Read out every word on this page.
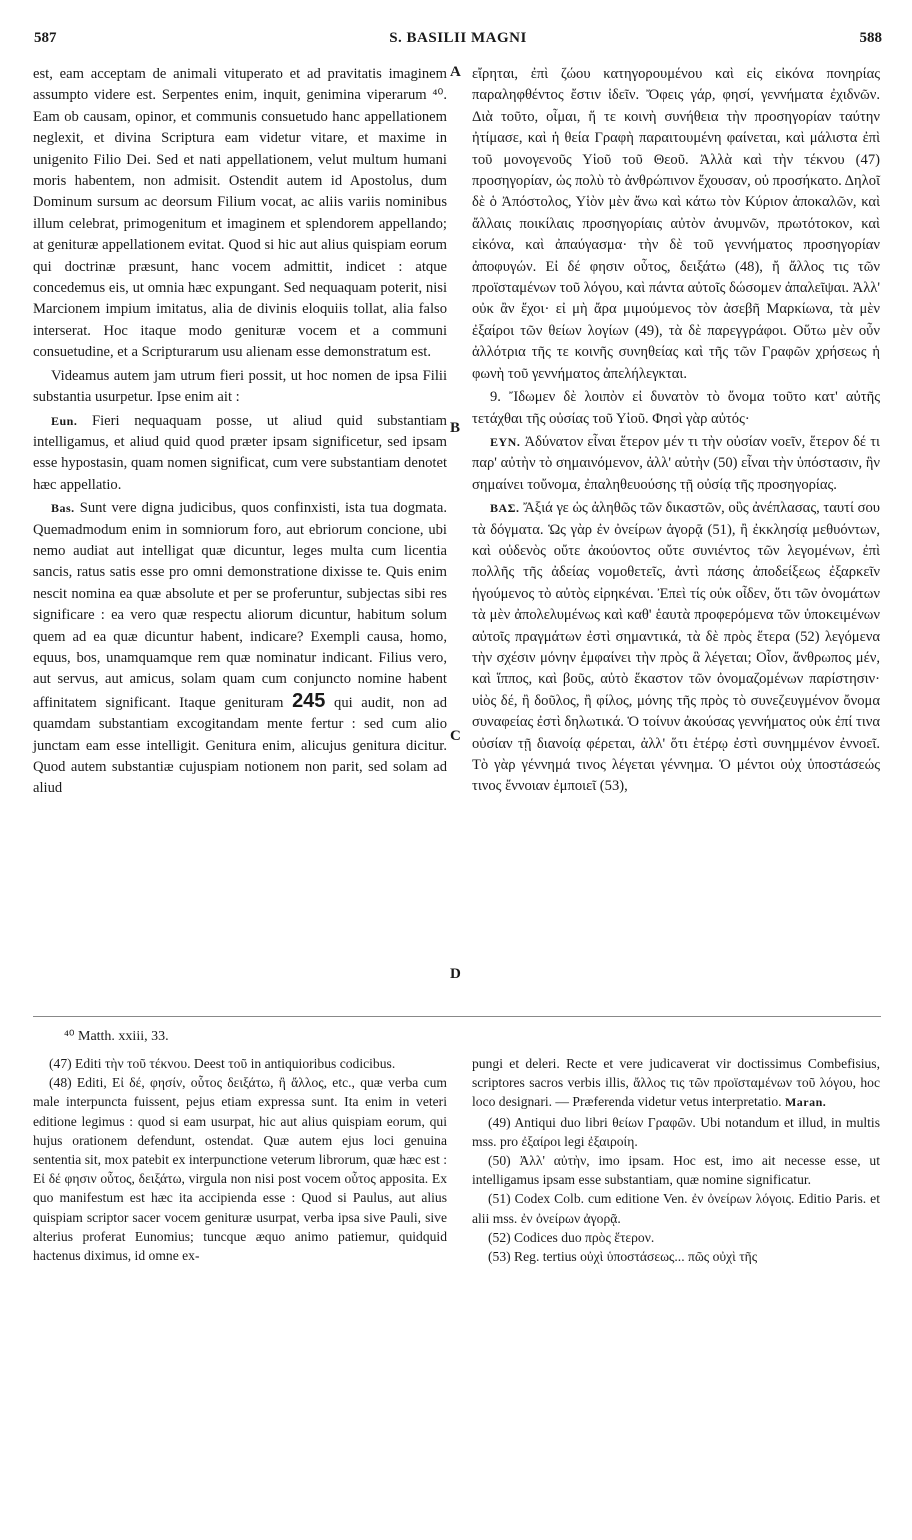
587	S. BASILII MAGNI	588

est, eam acceptam de animali vituperato et ad pravitatis imaginem assumpto videre est. Serpentes enim, inquit, genimina viperarum ⁴⁰. Eam ob causam, opinor, et communis consuetudo hanc appellationem neglexit, et divina Scriptura eam videtur vitare, et maxime in unigenito Filio Dei. Sed et nati appellationem, velut multum humani moris habentem, non admisit. Ostendit autem id Apostolus, dum Dominum sursum ac deorsum Filium vocat, ac aliis variis nominibus illum celebrat, primogenitum et imaginem et splendorem appellando; at genituræ appellationem evitat. Quod si hic aut alius quispiam eorum qui doctrinæ præsunt, hanc vocem admittit, indicet : atque concedemus eis, ut omnia hæc expungant. Sed nequaquam poterit, nisi Marcionem impium imitatus, alia de divinis eloquiis tollat, alia falso interserat. Hoc itaque modo genituræ vocem et a communi consuetudine, et a Scripturarum usu alienam esse demonstratum est.

Videamus autem jam utrum fieri possit, ut hoc nomen de ipsa Filii substantia usurpetur. Ipse enim ait :

Eun. Fieri nequaquam posse, ut aliud quid substantiam intelligamus, et aliud quid quod præter ipsam significetur, sed ipsam esse hypostasin, quam nomen significat, cum vere substantiam denotet hæc appellatio.

Bas. Sunt vere digna judicibus, quos confinxisti, ista tua dogmata. Quemadmodum enim in somniorum foro, aut ebriorum concione, ubi nemo audiat aut intelligat quæ dicuntur, leges multa cum licentia sancis, ratus satis esse pro omni demonstratione dixisse te. Quis enim nescit nomina ea quæ absolute et per se proferuntur, subjectas sibi res significare : ea vero quæ respectu aliorum dicuntur, habitum solum quem ad ea quæ dicuntur habent, indicare? Exempli causa, homo, equus, bos, unamquamque rem quæ nominatur indicant. Filius vero, aut servus, aut amicus, solam quam cum conjuncto nomine habent affinitatem significant. Itaque genituram 245 qui audit, non ad quamdam substantiam excogitandam mente fertur : sed cum alio junctam eam esse intelligit. Genitura enim, alicujus genitura dicitur. Quod autem substantiæ cujuspiam notionem non parit, sed solam ad aliud

A
B
C
D

εἴρηται, ἐπὶ ζώου κατηγορουμένου καὶ εἰς εἰκόνα πονηρίας παραληφθέντος ἔστιν ἰδεῖν. Ὄφεις γάρ, φησί, γεννήματα ἐχιδνῶν. Διὰ τοῦτο, οἶμαι, ἥ τε κοινὴ συνήθεια τὴν προσηγορίαν ταύτην ἠτίμασε, καὶ ἡ θεία Γραφὴ παραιτουμένη φαίνεται, καὶ μάλιστα ἐπὶ τοῦ μονογενοῦς Υἱοῦ τοῦ Θεοῦ. Ἀλλὰ καὶ τὴν τέκνου (47) προσηγορίαν, ὡς πολὺ τὸ ἀνθρώπινον ἔχουσαν, οὐ προσήκατο. Δηλοῖ δὲ ὁ Ἀπόστολος, Υἱὸν μὲν ἄνω καὶ κάτω τὸν Κύριον ἀποκαλῶν, καὶ ἄλλαις ποικίλαις προσηγορίαις αὐτὸν ἀνυμνῶν, πρωτότοκον, καὶ εἰκόνα, καὶ ἀπαύγασμα· τὴν δὲ τοῦ γεννήματος προσηγορίαν ἀποφυγών. Εἰ δέ φησιν οὗτος, δειξάτω (48), ἤ ἄλλος τις τῶν προϊσταμένων τοῦ λόγου, καὶ πάντα αὐτοῖς δώσομεν ἀπαλεῖψαι. Ἀλλ' οὐκ ἂν ἔχοι· εἰ μὴ ἄρα μιμούμενος τὸν ἀσεβῆ Μαρκίωνα, τὰ μὲν ἐξαίροι τῶν θείων λογίων (49), τὰ δὲ παρεγγράφοι. Οὕτω μὲν οὖν ἀλλότρια τῆς τε κοινῆς συνηθείας καὶ τῆς τῶν Γραφῶν χρήσεως ἡ φωνὴ τοῦ γεννήματος ἀπελήλεγκται.

9. Ἴδωμεν δὲ λοιπὸν εἰ δυνατὸν τὸ ὄνομα τοῦτο κατ' αὐτῆς τετάχθαι τῆς οὐσίας τοῦ Υἱοῦ. Φησὶ γὰρ αὐτός·

ΕΥΝ. Ἀδύνατον εἶναι ἕτερον μέν τι τὴν οὐσίαν νοεῖν, ἕτερον δέ τι παρ' αὐτὴν τὸ σημαινόμενον, ἀλλ' αὐτὴν (50) εἶναι τὴν ὑπόστασιν, ἣν σημαίνει τοὔνομα, ἐπαληθευούσης τῇ οὐσίᾳ τῆς προσηγορίας.

ΒΑΣ. Ἄξιά γε ὡς ἀληθῶς τῶν δικαστῶν, οὓς ἀνέπλασας, ταυτί σου τὰ δόγματα. Ὡς γὰρ ἐν ὀνείρων ἀγορᾷ (51), ἢ ἐκκλησίᾳ μεθυόντων, καὶ οὐδενὸς οὔτε ἀκούοντος οὔτε συνιέντος τῶν λεγομένων, ἐπὶ πολλῆς τῆς ἀδείας νομοθετεῖς, ἀντὶ πάσης ἀποδείξεως ἐξαρκεῖν ἡγούμενος τὸ αὐτὸς εἰρηκέναι. Ἐπεὶ τίς οὐκ οἶδεν, ὅτι τῶν ὀνομάτων τὰ μὲν ἀπολελυμένως καὶ καθ' ἑαυτὰ προφερόμενα τῶν ὑποκειμένων αὐτοῖς πραγμάτων ἐστὶ σημαντικά, τὰ δὲ πρὸς ἕτερα (52) λεγόμενα τὴν σχέσιν μόνην ἐμφαίνει τὴν πρὸς ἃ λέγεται; Οἷον, ἄνθρωπος μέν, καὶ ἵππος, καὶ βοῦς, αὐτὸ ἕκαστον τῶν ὀνομαζομένων παρίστησιν· υἱὸς δέ, ἢ δοῦλος, ἢ φίλος, μόνης τῆς πρὸς τὸ συνεζευγμένον ὄνομα συναφείας ἐστὶ δηλωτικά. Ὁ τοίνυν ἀκούσας γεννήματος οὐκ ἐπί τινα οὐσίαν τῇ διανοίᾳ φέρεται, ἀλλ' ὅτι ἑτέρῳ ἐστὶ συνημμένον ἐννοεῖ. Τὸ γὰρ γέννημά τινος λέγεται γέννημα. Ὁ μέντοι οὐχ ὑποστάσεώς τινος ἔννοιαν ἐμποιεῖ (53),

⁴⁰ Matth. xxiii, 33.

(47) Editi τὴν τοῦ τέκνου. Deest τοῦ in antiquioribus codicibus.

(48) Editi, Εἰ δέ, φησίν, οὗτος δειξάτω, ἢ ἄλλος, etc., quæ verba cum male interpuncta fuissent, pejus etiam expressa sunt. Ita enim in veteri editione legimus : quod si eam usurpat, hic aut alius quispiam eorum, qui hujus orationem defendunt, ostendat. Quæ autem ejus loci genuina sententia sit, mox patebit ex interpunctione veterum librorum, quæ hæc est : Εἰ δέ φησιν οὗτος, δειξάτω, virgula non nisi post vocem οὗτος apposita. Ex quo manifestum est hæc ita accipienda esse : Quod si Paulus, aut alius quispiam scriptor sacer vocem genituræ usurpat, verba ipsa sive Pauli, sive alterius proferat Eunomius; tuncque æquo animo patiemur, quidquid hactenus diximus, id omne ex-

pungi et deleri. Recte et vere judicaverat vir doctissimus Combefisius, scriptores sacros verbis illis, ἄλλος τις τῶν προϊσταμένων τοῦ λόγου, hoc loco designari. — Præferenda videtur vetus interpretatio. Maran.

(49) Antiqui duo libri θείων Γραφῶν. Ubi notandum et illud, in multis mss. pro ἐξαίροι legi ἐξαιροίη.

(50) Ἀλλ' αὐτὴν, imo ipsam. Hoc est, imo ait necesse esse, ut intelligamus ipsam esse substantiam, quæ nomine significatur.

(51) Codex Colb. cum editione Ven. ἐν ὀνείρων λόγοις. Editio Paris. et alii mss. ἐν ὀνείρων ἀγορᾷ.

(52) Codices duo πρὸς ἕτερον.

(53) Reg. tertius οὐχὶ ὑποστάσεως... πῶς οὐχὶ τῆς
